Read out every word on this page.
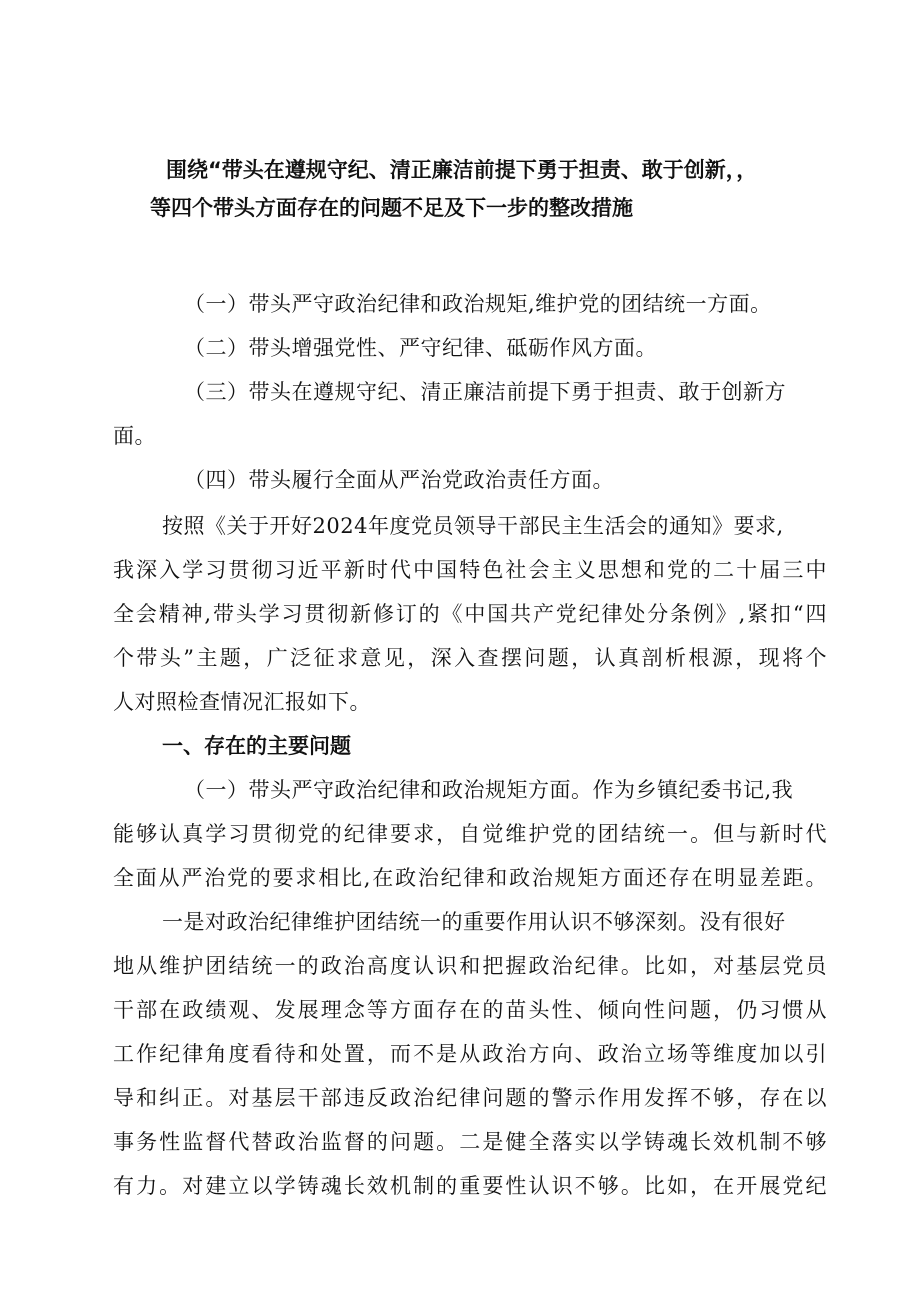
围绕“带头在遵规守纪、清正廉洁前提下勇于担责、敢于创新，，
等四个带头方面存在的问题不足及下一步的整改措施
（一）带头严守政治纪律和政治规矩,维护党的团结统一方面。
（二）带头增强党性、严守纪律、砥砺作风方面。
（三）带头在遵规守纪、清正廉洁前提下勇于担责、敢于创新方
面。
（四）带头履行全面从严治党政治责任方面。
按照《关于开好2024年度党员领导干部民主生活会的通知》要求,
我深入学习贯彻习近平新时代中国特色社会主义思想和党的二十届三中
全会精神,带头学习贯彻新修订的《中国共产党纪律处分条例》,紧扣“四
个带头”主题，广泛征求意见，深入查摆问题，认真剖析根源，现将个
人对照检查情况汇报如下。
一、存在的主要问题
（一）带头严守政治纪律和政治规矩方面。作为乡镇纪委书记,我
能够认真学习贯彻党的纪律要求，自觉维护党的团结统一。但与新时代
全面从严治党的要求相比,在政治纪律和政治规矩方面还存在明显差距。
一是对政治纪律维护团结统一的重要作用认识不够深刻。没有很好
地从维护团结统一的政治高度认识和把握政治纪律。比如，对基层党员
干部在政绩观、发展理念等方面存在的苗头性、倾向性问题，仍习惯从
工作纪律角度看待和处置，而不是从政治方向、政治立场等维度加以引
导和纠正。对基层干部违反政治纪律问题的警示作用发挥不够，存在以
事务性监督代替政治监督的问题。二是健全落实以学铸魂长效机制不够
有力。对建立以学铸魂长效机制的重要性认识不够。比如，在开展党纪
